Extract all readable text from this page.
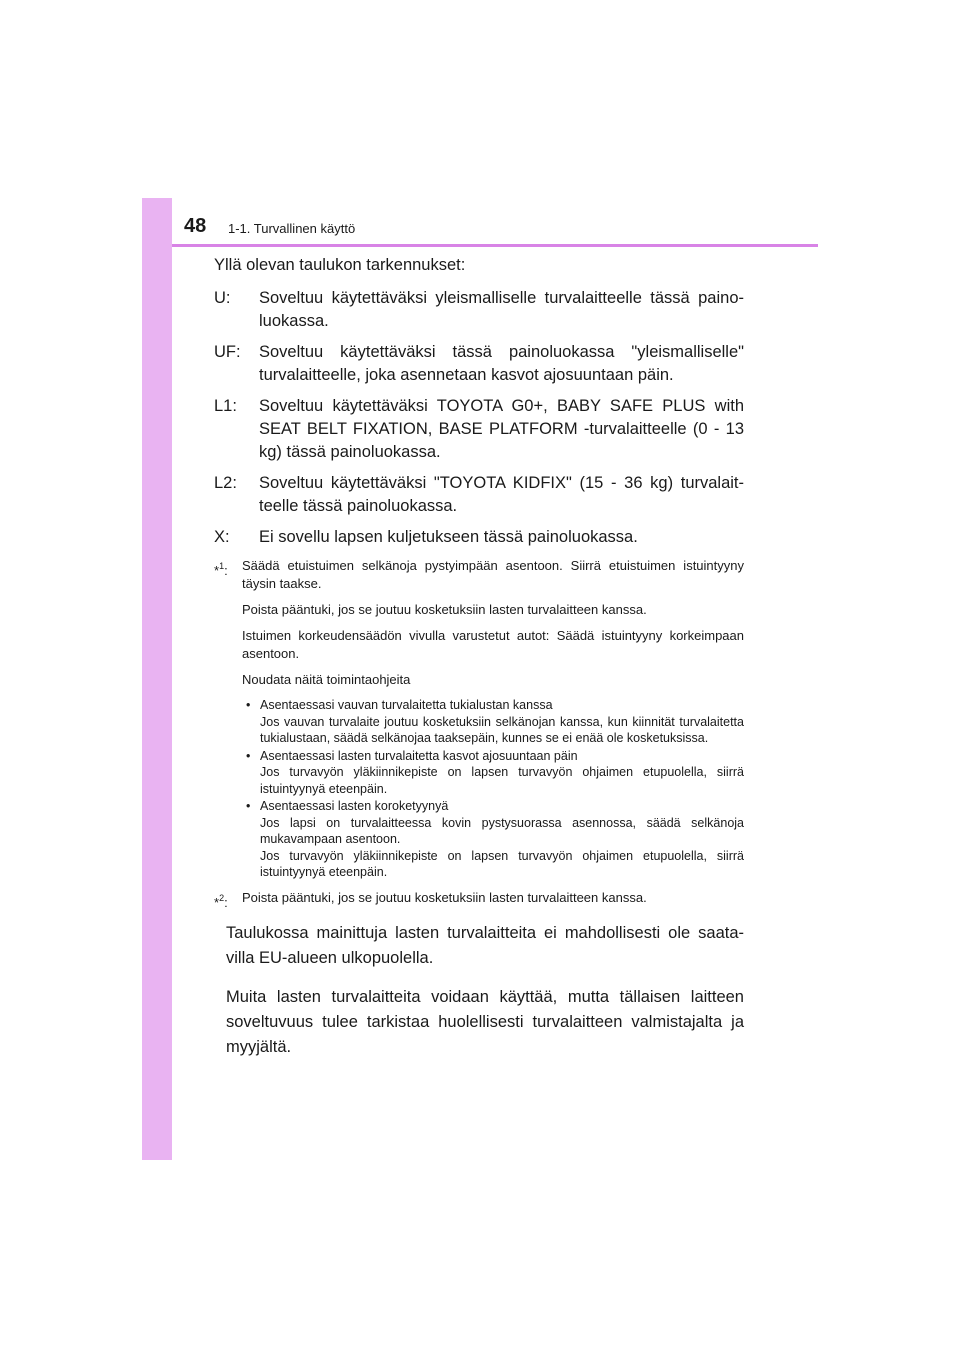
48 1-1. Turvallinen käyttö

Yllä olevan taulukon tarkennukset:

U: Soveltuu käytettäväksi yleismalliselle turvalaitteelle tässä paino-luokassa.
UF: Soveltuu käytettäväksi tässä painoluokassa "yleismalliselle" turvalaitteelle, joka asennetaan kasvot ajosuuntaan päin.
L1: Soveltuu käytettäväksi TOYOTA G0+, BABY SAFE PLUS with SEAT BELT FIXATION, BASE PLATFORM -turvalaitteelle (0 - 13 kg) tässä painoluokassa.
L2: Soveltuu käytettäväksi "TOYOTA KIDFIX" (15 - 36 kg) turvalait-teelle tässä painoluokassa.
X: Ei sovellu lapsen kuljetukseen tässä painoluokassa.
*$^1$: Säädä etuistuimen selkänoja pystyimpään asentoon. Siirrä etuistuimen istuintyyny täysin taakse.

Poista pääntuki, jos se joutuu kosketuksiin lasten turvalaitteen kanssa.

Istuimen korkeudensäädön vivulla varustetut autot: Säädä istuintyyny korkeimpaan asentoon.

Noudata näitä toimintaohjeita

• Asentaessasi vauvan turvalaitetta tukialustan kanssa
Jos vauvan turvalaite joutuu kosketuksiin selkänojan kanssa, kun kiinnität turvalaitetta tukialustaan, säädä selkänojaa taaksepäin, kunnes se ei enää ole kosketuksissa.
• Asentaessasi lasten turvalaitetta kasvot ajosuuntaan päin
Jos turvavyön yläkiinnikepiste on lapsen turvavyön ohjaimen etupuolella, siirrä istuintyynyä eteenpäin.
• Asentaessasi lasten koroketyynyä
Jos lapsi on turvalaitteessa kovin pystysuorassa asennossa, säädä selkänoja mukavampaan asentoon.
Jos turvavyön yläkiinnikepiste on lapsen turvavyön ohjaimen etupuolella, siirrä istuintyynyä eteenpäin.
*$^2$: Poista pääntuki, jos se joutuu kosketuksiin lasten turvalaitteen kanssa.

Taulukossa mainittuja lasten turvalaitteita ei mahdollisesti ole saata-villa EU-alueen ulkopuolella.

Muita lasten turvalaitteita voidaan käyttää, mutta tällaisen laitteen soveltuvuus tulee tarkistaa huolellisesti turvalaitteen valmistajalta ja myyjältä.
